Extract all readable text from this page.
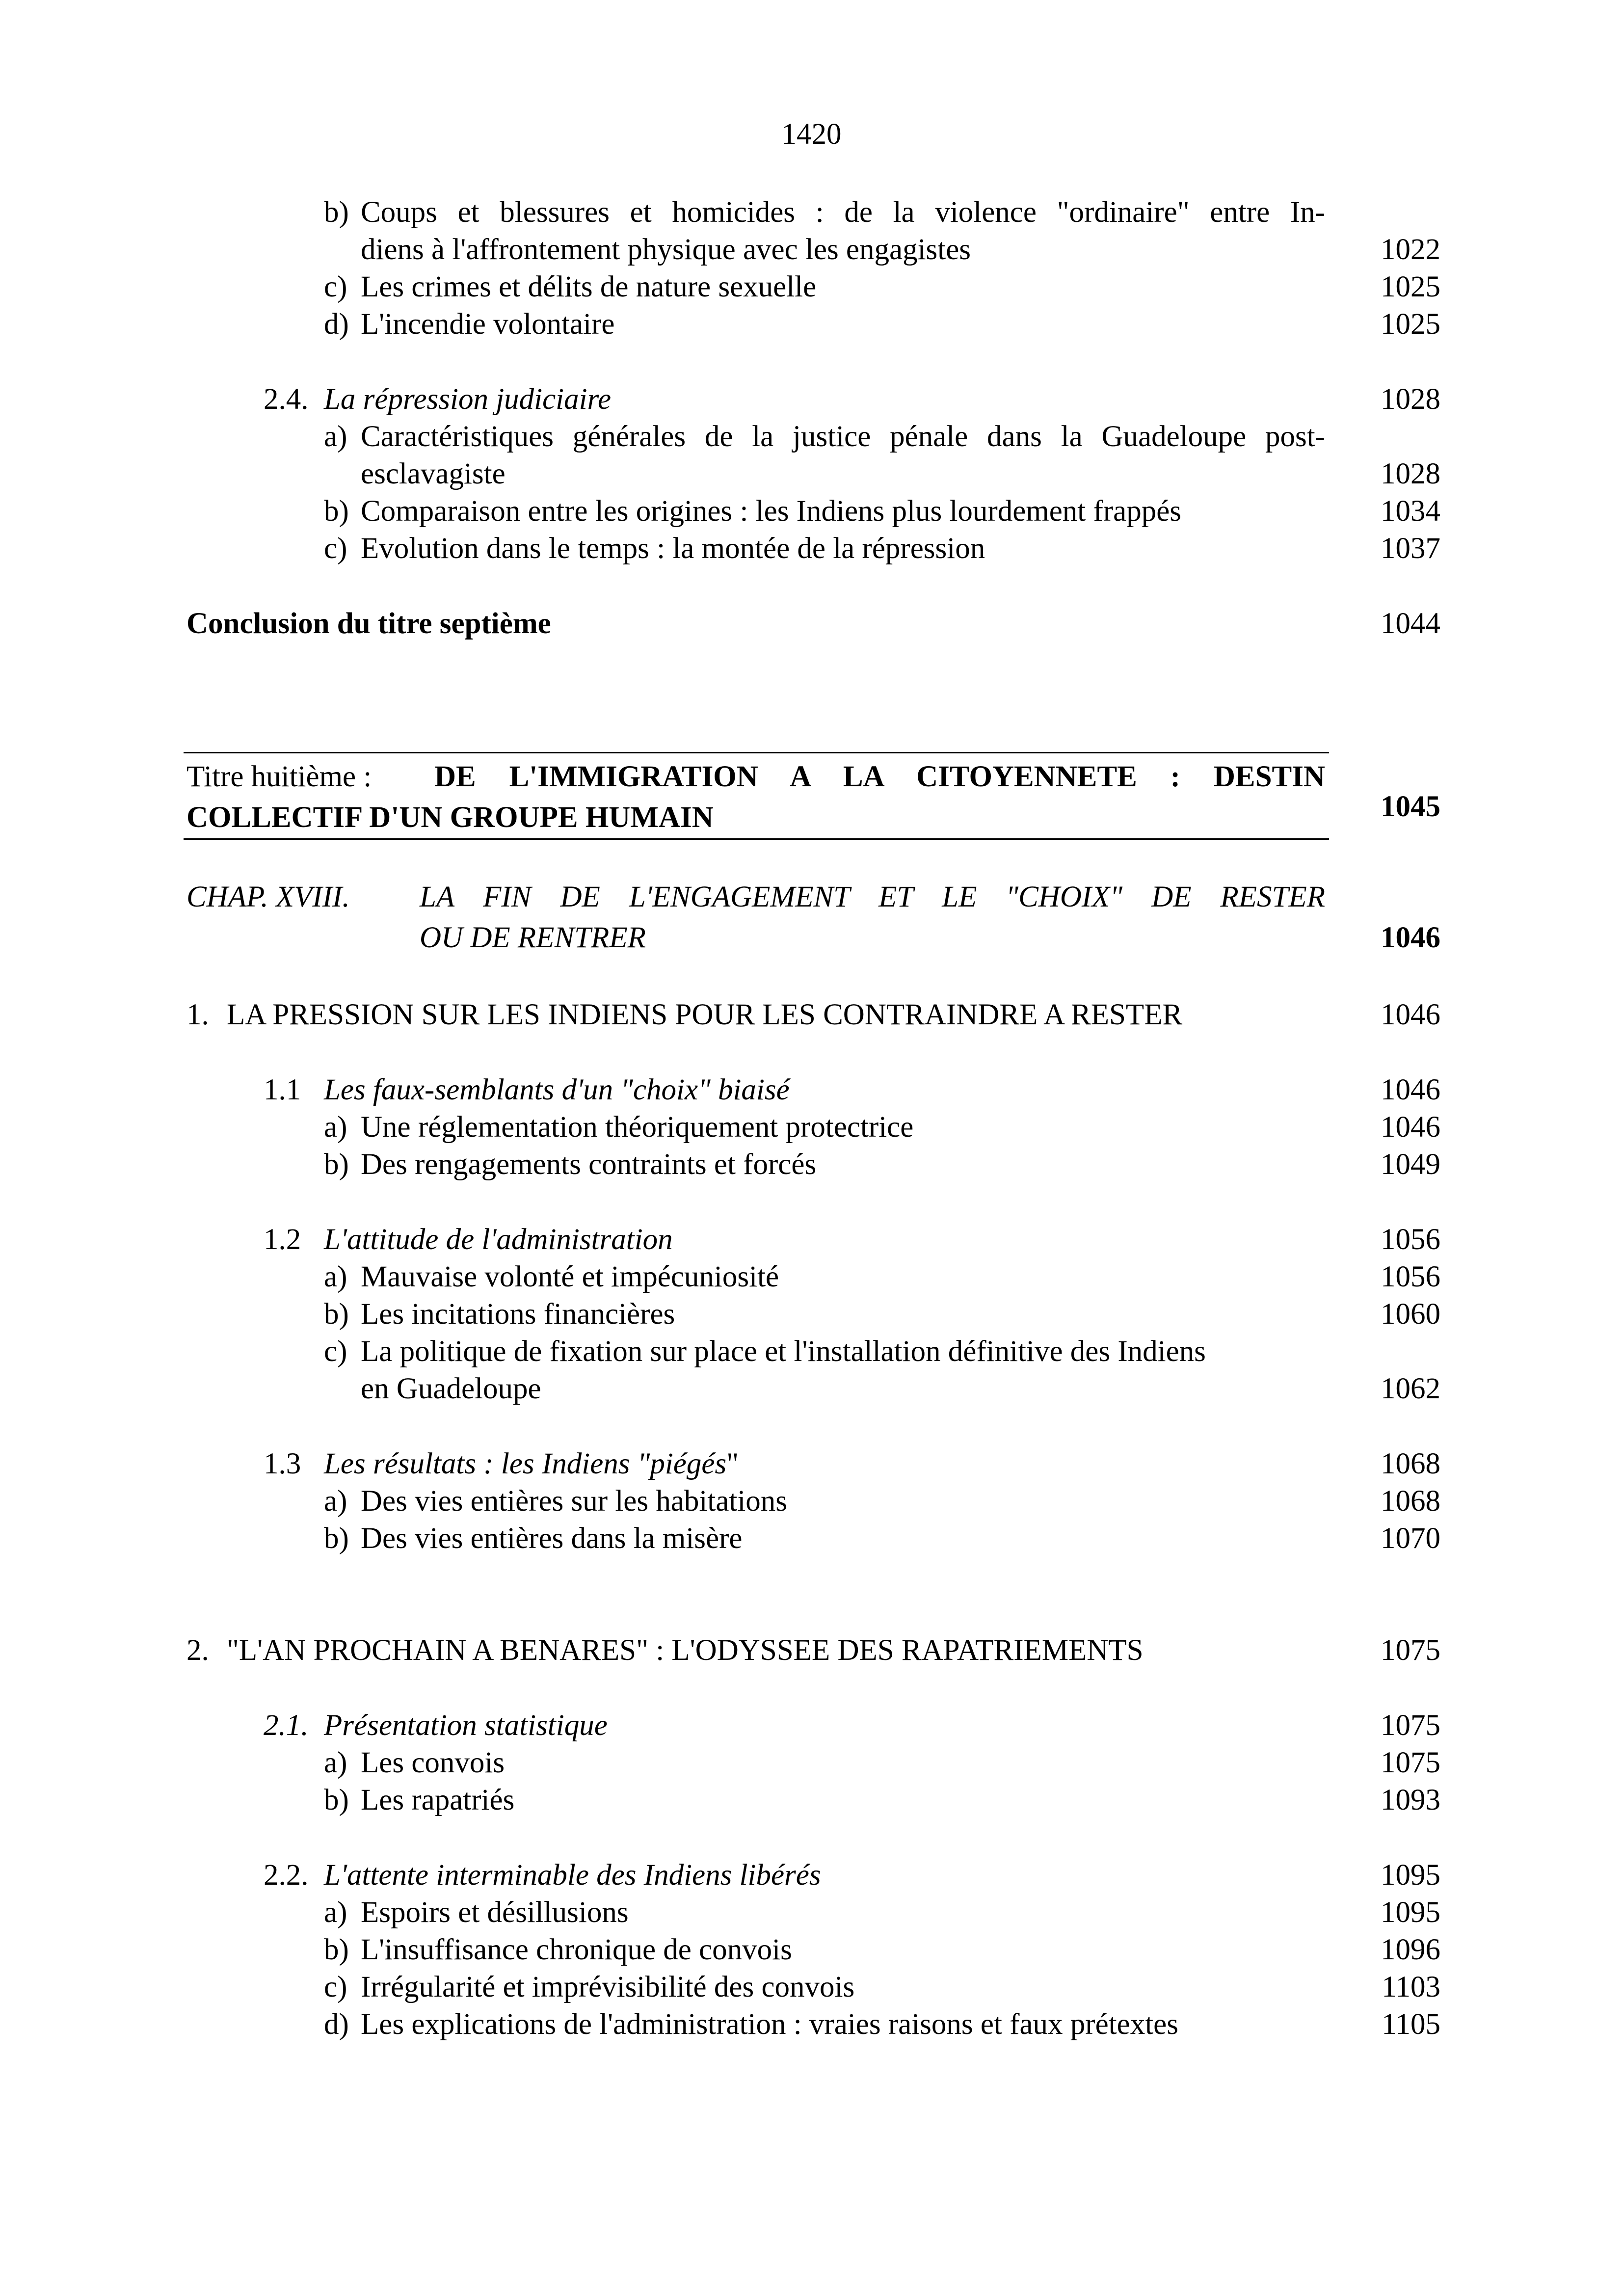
1420
b) Coups et blessures et homicides : de la violence "ordinaire" entre In-
diens à l'affrontement physique avec les engagistes	1022
c) Les crimes et délits de nature sexuelle	1025
d) L'incendie volontaire	1025
2.4. La répression judiciaire	1028
a) Caractéristiques générales de la justice pénale dans la Guadeloupe post-
esclavagiste	1028
b) Comparaison entre les origines : les Indiens plus lourdement frappés	1034
c) Evolution dans le temps : la montée de la répression	1037
Conclusion du titre septième	1044
Titre huitième : DE L'IMMIGRATION A LA CITOYENNETE : DESTIN
COLLECTIF D'UN GROUPE HUMAIN	1045
CHAP. XVIII. LA FIN DE L'ENGAGEMENT ET LE "CHOIX" DE RESTER
OU DE RENTRER	1046
1. LA PRESSION SUR LES INDIENS POUR LES CONTRAINDRE A RESTER	1046
1.1 Les faux-semblants d'un "choix" biaisé	1046
a) Une réglementation théoriquement protectrice	1046
b) Des rengagements contraints et forcés	1049
1.2 L'attitude de l'administration	1056
a) Mauvaise volonté et impécuniosité	1056
b) Les incitations financières	1060
c) La politique de fixation sur place et l'installation définitive des Indiens
en Guadeloupe	1062
1.3 Les résultats : les Indiens "piégés"	1068
a) Des vies entières sur les habitations	1068
b) Des vies entières dans la misère	1070
2. "L'AN PROCHAIN A BENARES" : L'ODYSSEE DES RAPATRIEMENTS	1075
2.1. Présentation statistique	1075
a) Les convois	1075
b) Les rapatriés	1093
2.2. L'attente interminable des Indiens libérés	1095
a) Espoirs et désillusions	1095
b) L'insuffisance chronique de convois	1096
c) Irrégularité et imprévisibilité des convois	1103
d) Les explications de l'administration : vraies raisons et faux prétextes	1105
